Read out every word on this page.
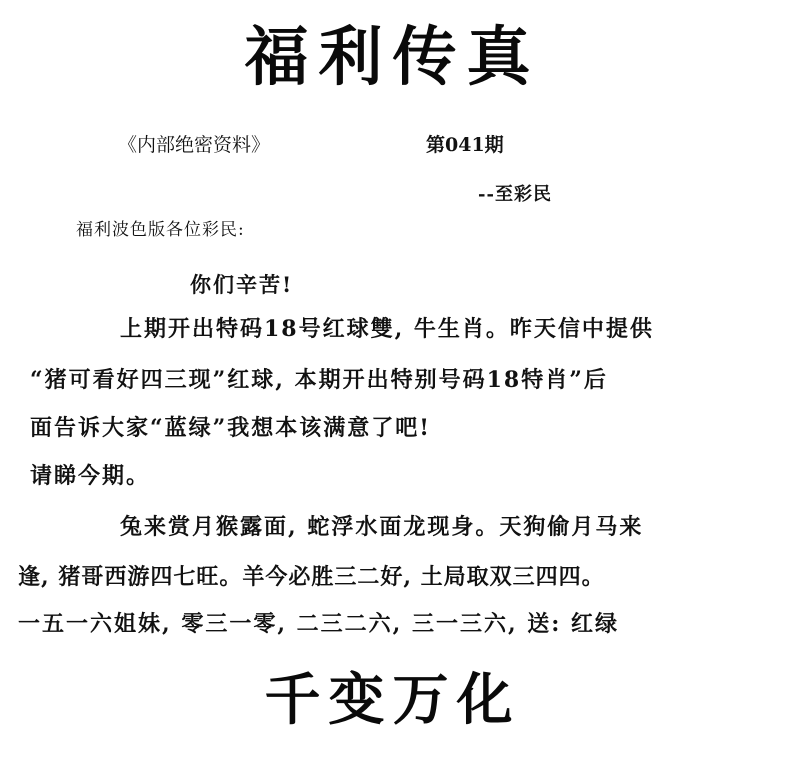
福利传真
《内部绝密资料》	第041期
--至彩民
福利波色版各位彩民:
你们辛苦!
上期开出特码18号红球雙, 牛生肖。昨天信中提供
“猪可看好四三现”红球, 本期开出特别号码18特肖”后
面告诉大家“蓝绿”我想本该满意了吧!
请睇今期。
兔来赏月猴露面, 蛇浮水面龙现身。天狗偷月马来
逢, 猪哥西游四七旺。羊今必胜三二好, 土局取双三四四。
一五一六姐妹, 零三一零, 二三二六, 三一三六, 送: 红绿
千变万化
